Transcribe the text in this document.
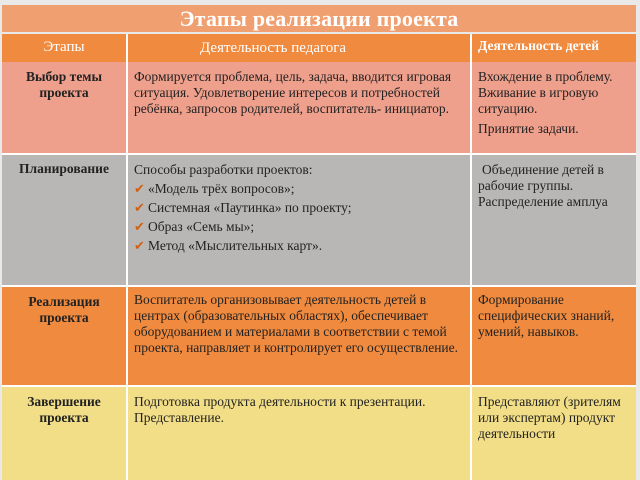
Этапы реализации проекта
Этапы	Деятельность педагога	Деятельность детей
Выбор темы проекта
Планирование
Реализация проекта
Завершение проекта
Формируется проблема, цель, задача, вводится игровая ситуация. Удовлетворение интересов и потребностей ребёнка, запросов родителей, воспитатель- инициатор.
Способы разработки проектов:
✔ «Модель трёх вопросов»;
✔ Системная «Паутинка» по проекту;
✔ Образ «Семь мы»;
✔ Метод «Мыслительных карт».
Воспитатель организовывает деятельность детей в центрах (образовательных областях), обеспечивает оборудованием и материалами в соответствии с темой проекта, направляет и контролирует его осуществление.
Подготовка продукта деятельности к презентации. Представление.
Вхождение в проблему. Вживание в игровую ситуацию.
Принятие задачи.
Объединение детей в рабочие группы. Распределение амплуа
Формирование специфических знаний, умений, навыков.
Представляют (зрителям или экспертам) продукт деятельности
